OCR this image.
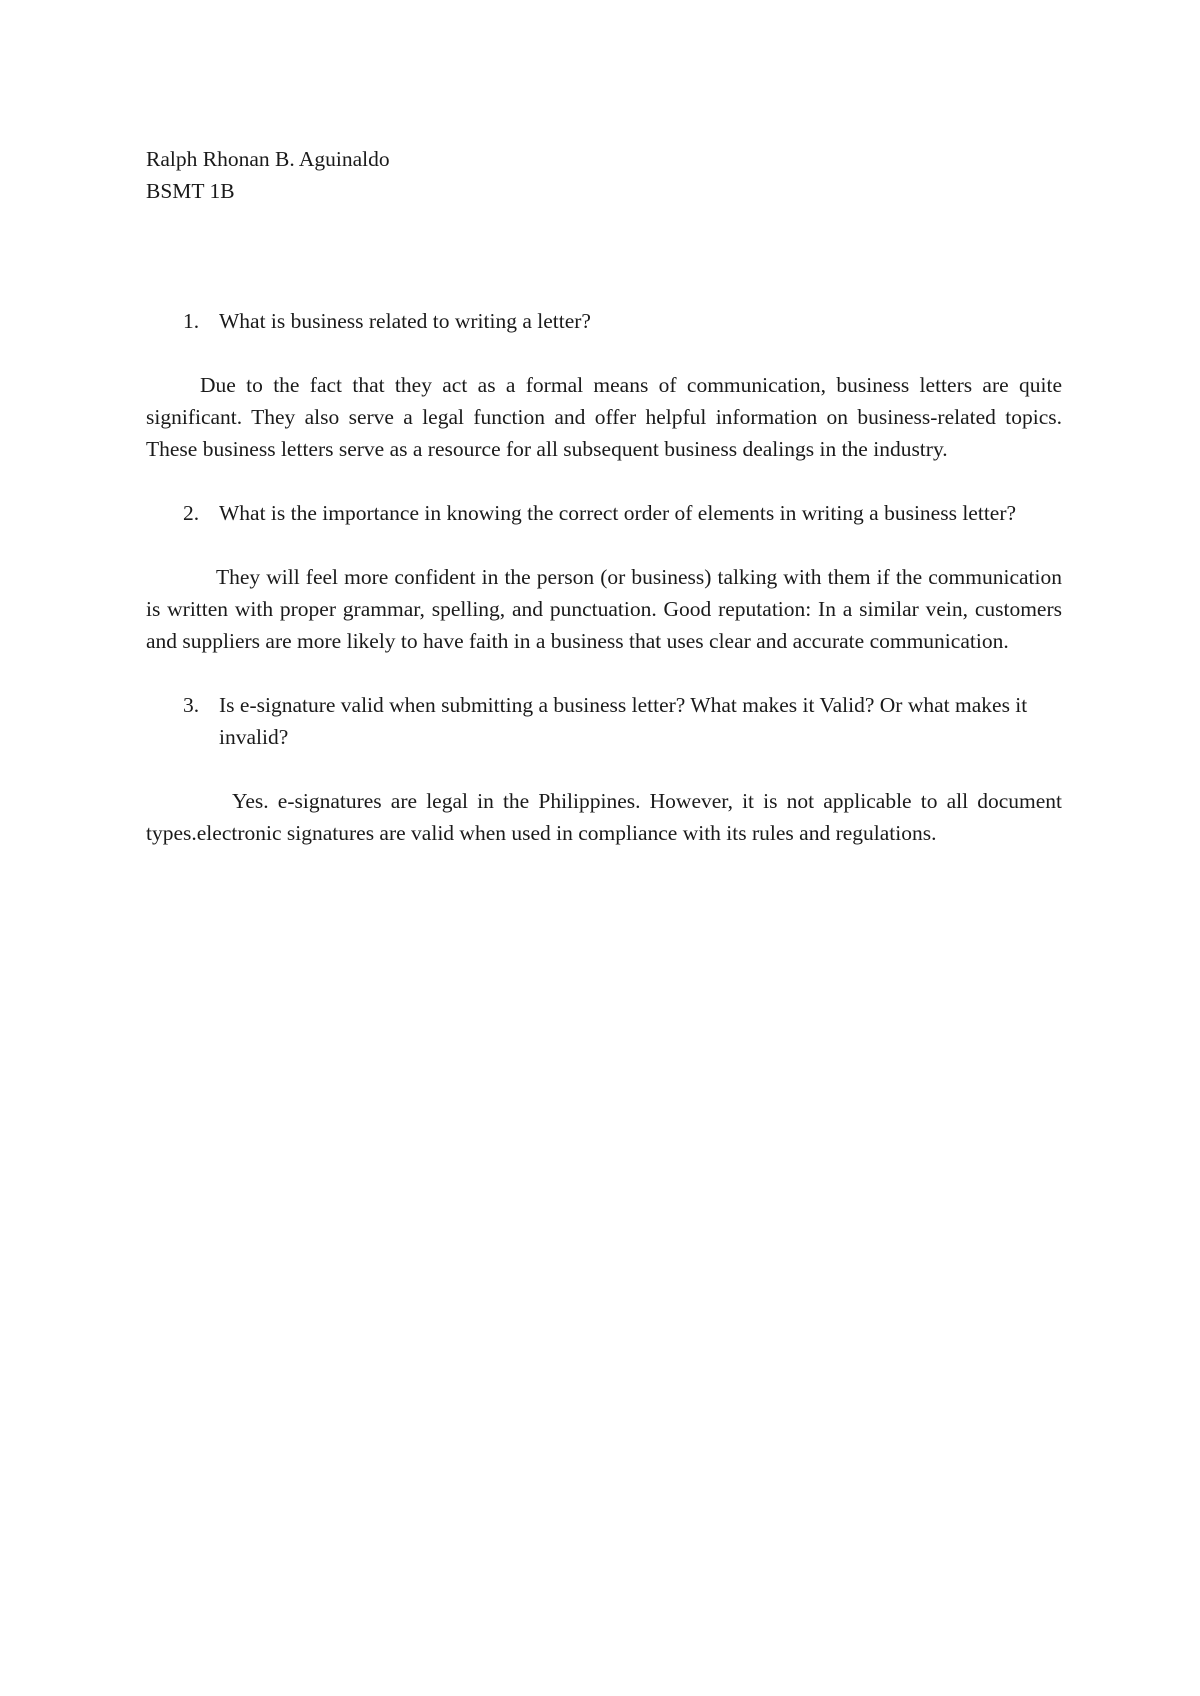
Ralph Rhonan B. Aguinaldo

BSMT 1B

1. What is business related to writing a letter?

Due to the fact that they act as a formal means of communication, business letters are quite significant. They also serve a legal function and offer helpful information on business-related topics. These business letters serve as a resource for all subsequent business dealings in the industry.

2. What is the importance in knowing the correct order of elements in writing a business letter?

They will feel more confident in the person (or business) talking with them if the communication is written with proper grammar, spelling, and punctuation. Good reputation: In a similar vein, customers and suppliers are more likely to have faith in a business that uses clear and accurate communication.

3. Is e-signature valid when submitting a business letter? What makes it Valid? Or what makes it invalid?

Yes. e-signatures are legal in the Philippines. However, it is not applicable to all document types.electronic signatures are valid when used in compliance with its rules and regulations.
